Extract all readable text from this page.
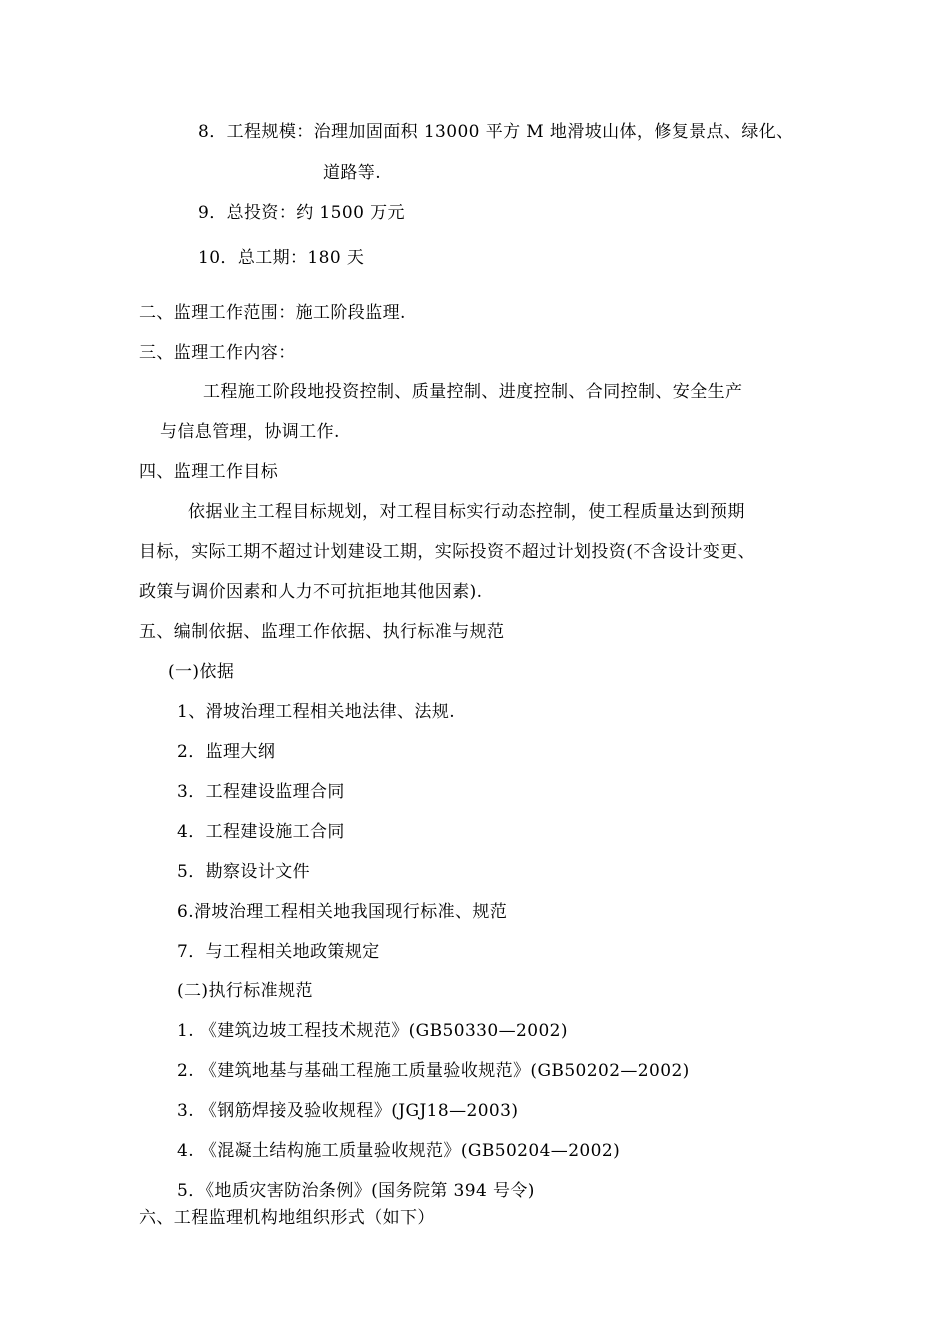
8．工程规模：治理加固面积 13000 平方 M 地滑坡山体，修复景点、绿化、
道路等.
9．总投资：约 1500 万元
10．总工期：180 天
二、监理工作范围：施工阶段监理.
三、监理工作内容：
工程施工阶段地投资控制、质量控制、进度控制、合同控制、安全生产
与信息管理，协调工作.
四、监理工作目标
依据业主工程目标规划，对工程目标实行动态控制，使工程质量达到预期
目标，实际工期不超过计划建设工期，实际投资不超过计划投资(不含设计变更、
政策与调价因素和人力不可抗拒地其他因素).
五、编制依据、监理工作依据、执行标准与规范
(一)依据
1、滑坡治理工程相关地法律、法规.
2．监理大纲
3．工程建设监理合同
4．工程建设施工合同
5．勘察设计文件
6.滑坡治理工程相关地我国现行标准、规范
7．与工程相关地政策规定
(二)执行标准规范
1. 《建筑边坡工程技术规范》(GB50330—2002)
2. 《建筑地基与基础工程施工质量验收规范》(GB50202—2002)
3. 《钢筋焊接及验收规程》(JGJ18—2003)
4. 《混凝土结构施工质量验收规范》(GB50204—2002)
5．《地质灾害防治条例》(国务院第 394 号令)
六、工程监理机构地组织形式（如下）
